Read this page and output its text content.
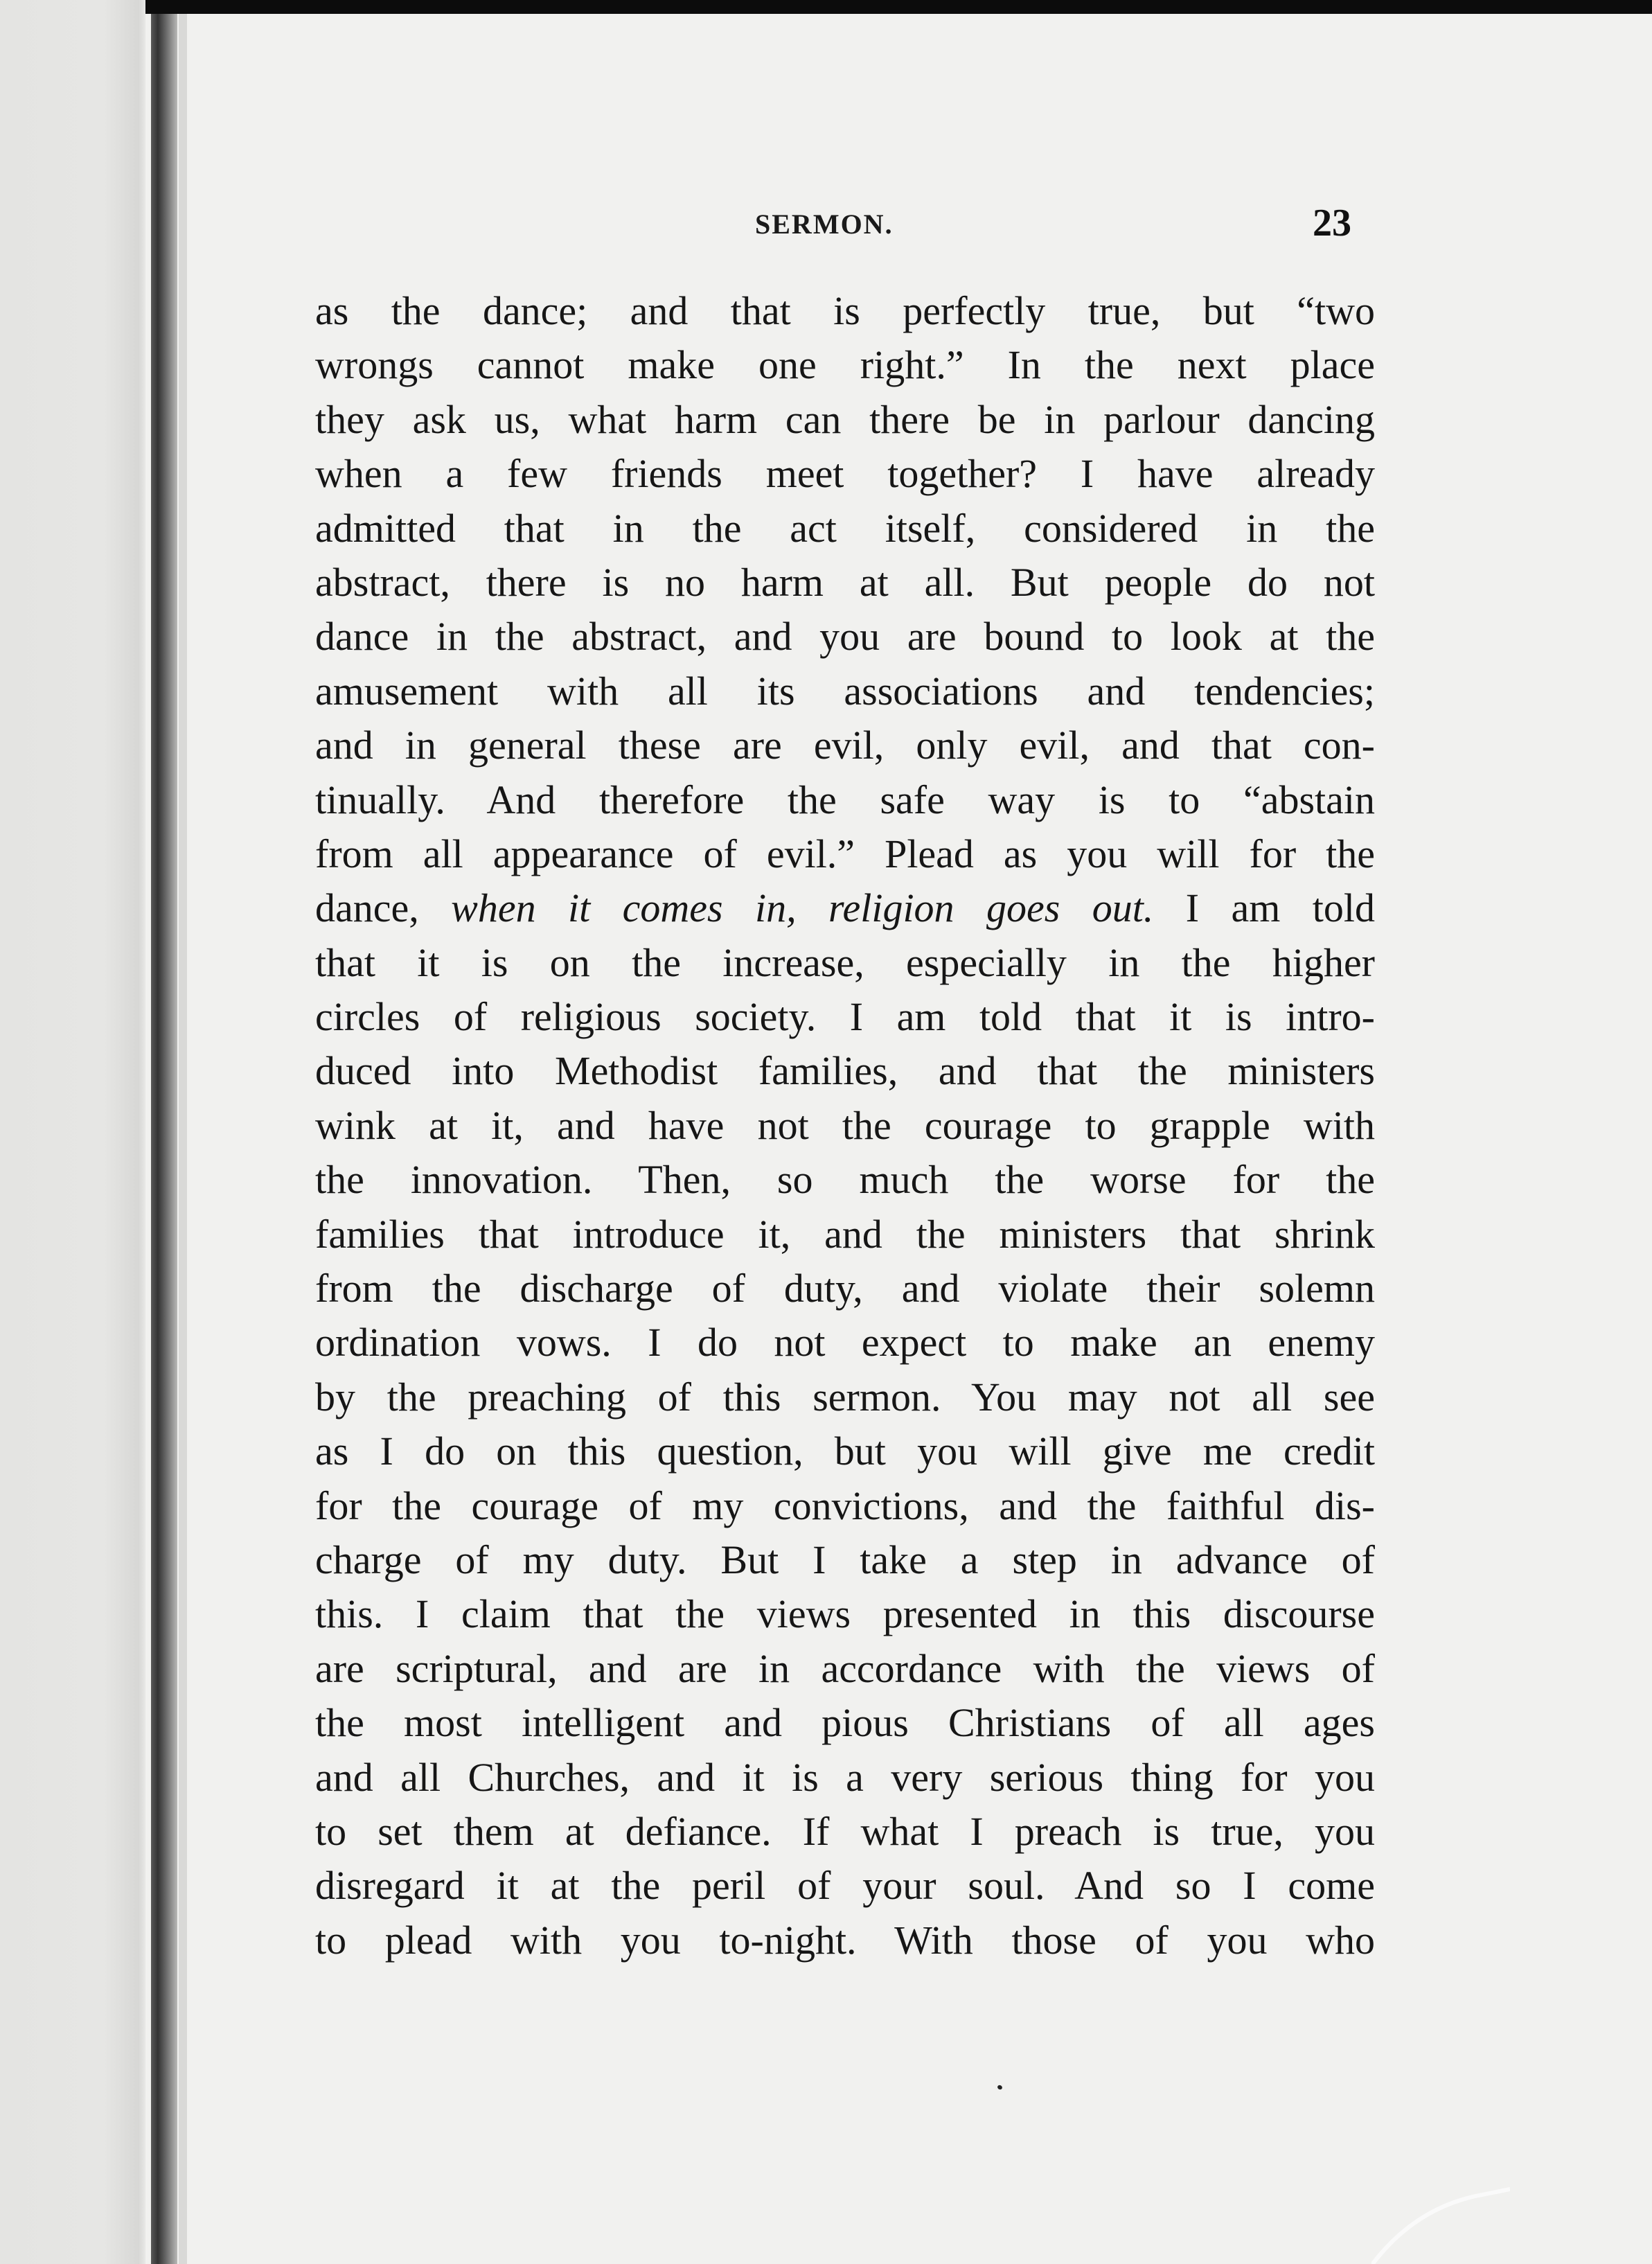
SERMON.	23
as the dance; and that is perfectly true, but “two
wrongs cannot make one right.” In the next place
they ask us, what harm can there be in parlour dancing
when a few friends meet together? I have already
admitted that in the act itself, considered in the
abstract, there is no harm at all. But people do not
dance in the abstract, and you are bound to look at the
amusement with all its associations and tendencies;
and in general these are evil, only evil, and that con-
tinually. And therefore the safe way is to “abstain
from all appearance of evil.” Plead as you will for the
dance, when it comes in, religion goes out. I am told
that it is on the increase, especially in the higher
circles of religious society. I am told that it is intro-
duced into Methodist families, and that the ministers
wink at it, and have not the courage to grapple with
the innovation. Then, so much the worse for the
families that introduce it, and the ministers that shrink
from the discharge of duty, and violate their solemn
ordination vows. I do not expect to make an enemy
by the preaching of this sermon. You may not all see
as I do on this question, but you will give me credit
for the courage of my convictions, and the faithful dis-
charge of my duty. But I take a step in advance of
this. I claim that the views presented in this discourse
are scriptural, and are in accordance with the views of
the most intelligent and pious Christians of all ages
and all Churches, and it is a very serious thing for you
to set them at defiance. If what I preach is true, you
disregard it at the peril of your soul. And so I come
to plead with you to-night. With those of you who
